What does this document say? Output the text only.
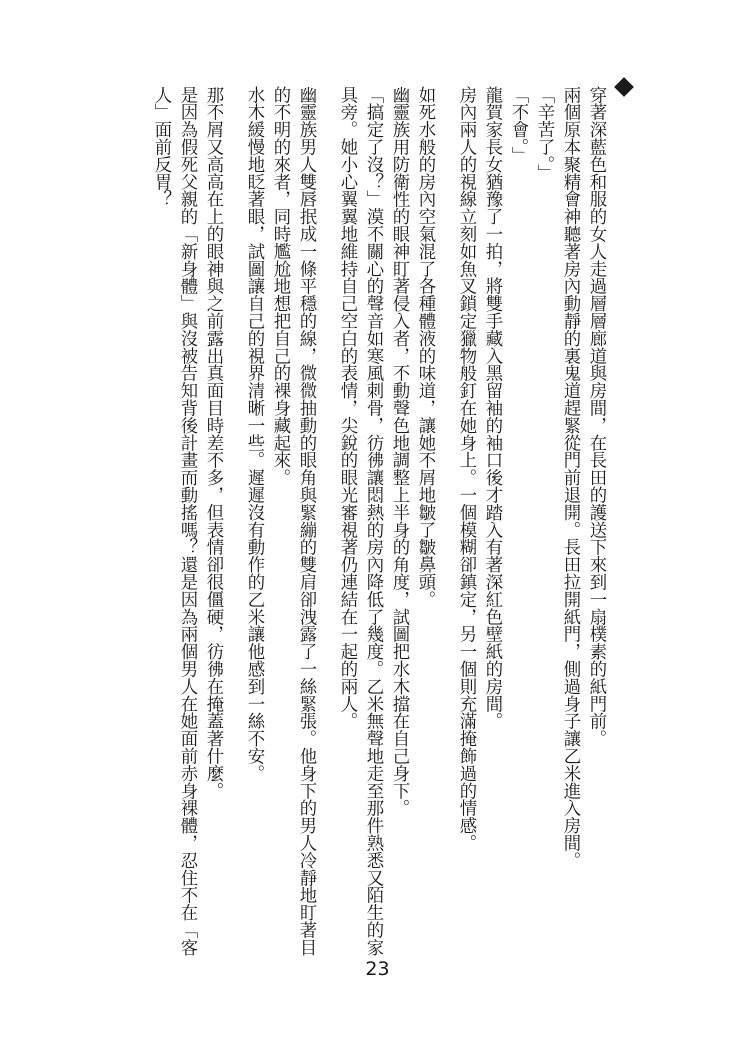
穿著深藍色和服的女人走過層層廊道與房間，在長田的護送下來到一扇樸素的紙門前。

兩個原本聚精會神聽著房內動靜的裏鬼道趕緊從門前退開。長田拉開紙門，側過身子讓乙米進入房間。

「辛苦了。」

「不會。」

龍賀家長女猶豫了一拍，將雙手藏入黑留袖的袖口後才踏入有著深紅色壁紙的房間。

房內兩人的視線立刻如魚叉鎖定獵物般釘在她身上。一個模糊卻鎮定，另一個則充滿掩飾過的情感。

如死水般的房內空氣混了各種體液的味道，讓她不屑地皺了皺鼻頭。

幽靈族用防衛性的眼神盯著侵入者，不動聲色地調整上半身的角度，試圖把水木擋在自己身下。

「搞定了沒？」漠不關心的聲音如寒風刺骨，彷彿讓悶熱的房內降低了幾度。乙米無聲地走至那件熟悉又陌生的家具旁。她小心翼翼地維持自己空白的表情，尖銳的眼光審視著仍連結在一起的兩人。

幽靈族男人雙唇抿成一條平穩的線，微微抽動的眼角與緊繃的雙肩卻洩露了一絲緊張。他身下的男人冷靜地盯著目的不明的來者，同時尷尬地想把自己的裸身藏起來。

水木緩慢地眨著眼，試圖讓自己的視界清晰一些。遲遲沒有動作的乙米讓他感到一絲不安。

那不屑又高高在上的眼神與之前露出真面目時差不多，但表情卻很僵硬，彷彿在掩蓋著什麼。

是因為假死父親的「新身體」與沒被告知背後計畫而動搖嗎？還是因為兩個男人在她面前赤身裸體，忍住不在「客人」面前反胃？

23
